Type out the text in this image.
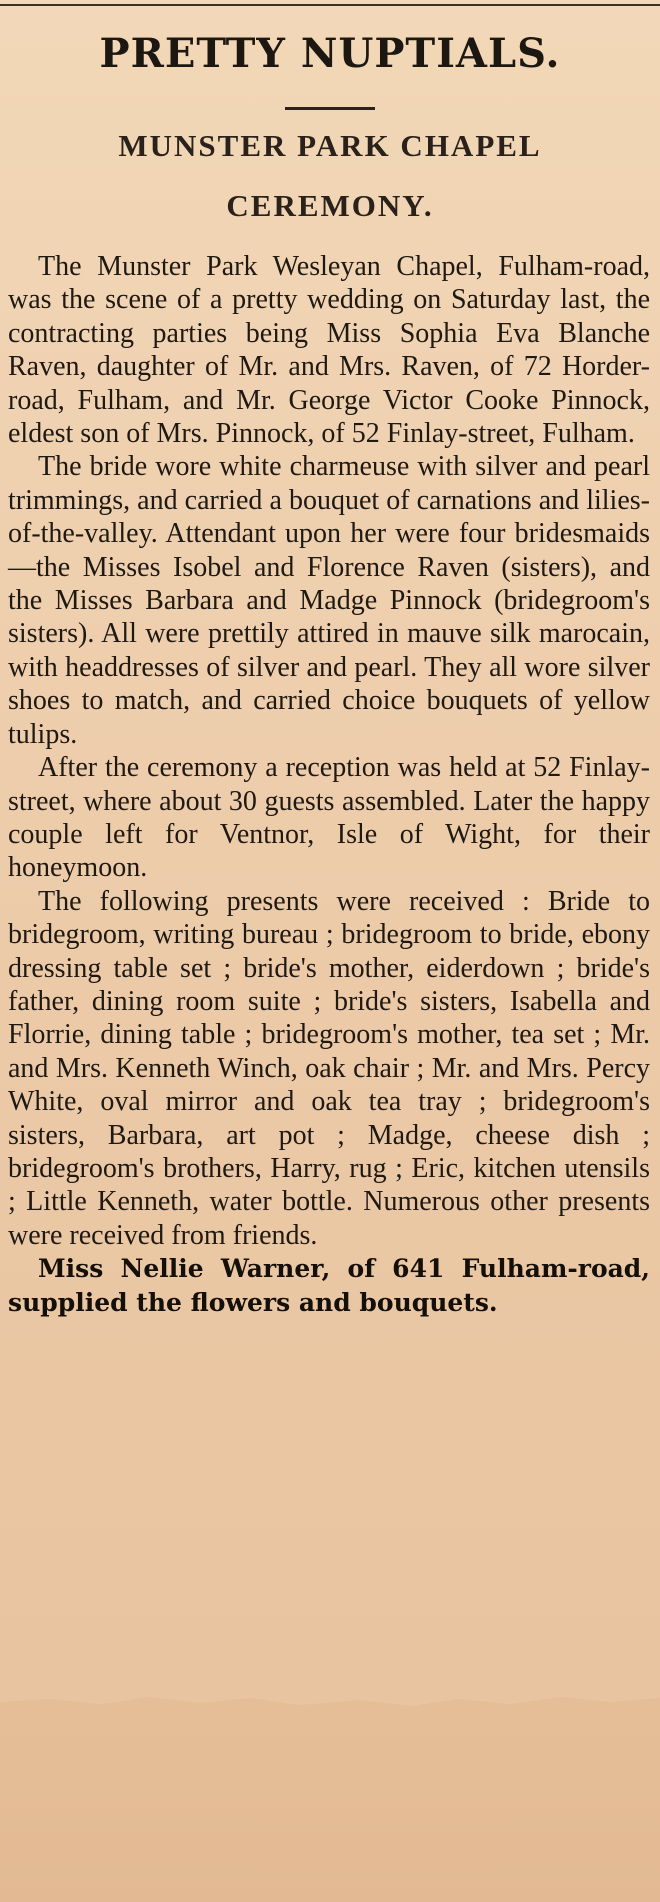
PRETTY NUPTIALS.
MUNSTER PARK CHAPEL
CEREMONY.

The Munster Park Wesleyan Chapel, Fulham-road, was the scene of a pretty wedding on Saturday last, the contracting parties being Miss Sophia Eva Blanche Raven, daughter of Mr. and Mrs. Raven, of 72 Horder-road, Fulham, and Mr. George Victor Cooke Pinnock, eldest son of Mrs. Pinnock, of 52 Finlay-street, Fulham.

The bride wore white charmeuse with silver and pearl trimmings, and carried a bouquet of carnations and lilies-of-the-valley. Attendant upon her were four bridesmaids—the Misses Isobel and Florence Raven (sisters), and the Misses Barbara and Madge Pinnock (bridegroom's sisters). All were prettily attired in mauve silk marocain, with headdresses of silver and pearl. They all wore silver shoes to match, and carried choice bouquets of yellow tulips.

After the ceremony a reception was held at 52 Finlay-street, where about 30 guests assembled. Later the happy couple left for Ventnor, Isle of Wight, for their honeymoon.

The following presents were received : Bride to bridegroom, writing bureau ; bridegroom to bride, ebony dressing table set ; bride's mother, eiderdown ; bride's father, dining room suite ; bride's sisters, Isabella and Florrie, dining table ; bridegroom's mother, tea set ; Mr. and Mrs. Kenneth Winch, oak chair ; Mr. and Mrs. Percy White, oval mirror and oak tea tray ; bridegroom's sisters, Barbara, art pot ; Madge, cheese dish ; bridegroom's brothers, Harry, rug ; Eric, kitchen utensils ; Little Kenneth, water bottle. Numerous other presents were received from friends.

Miss Nellie Warner, of 641 Fulham-road, supplied the flowers and bouquets.
